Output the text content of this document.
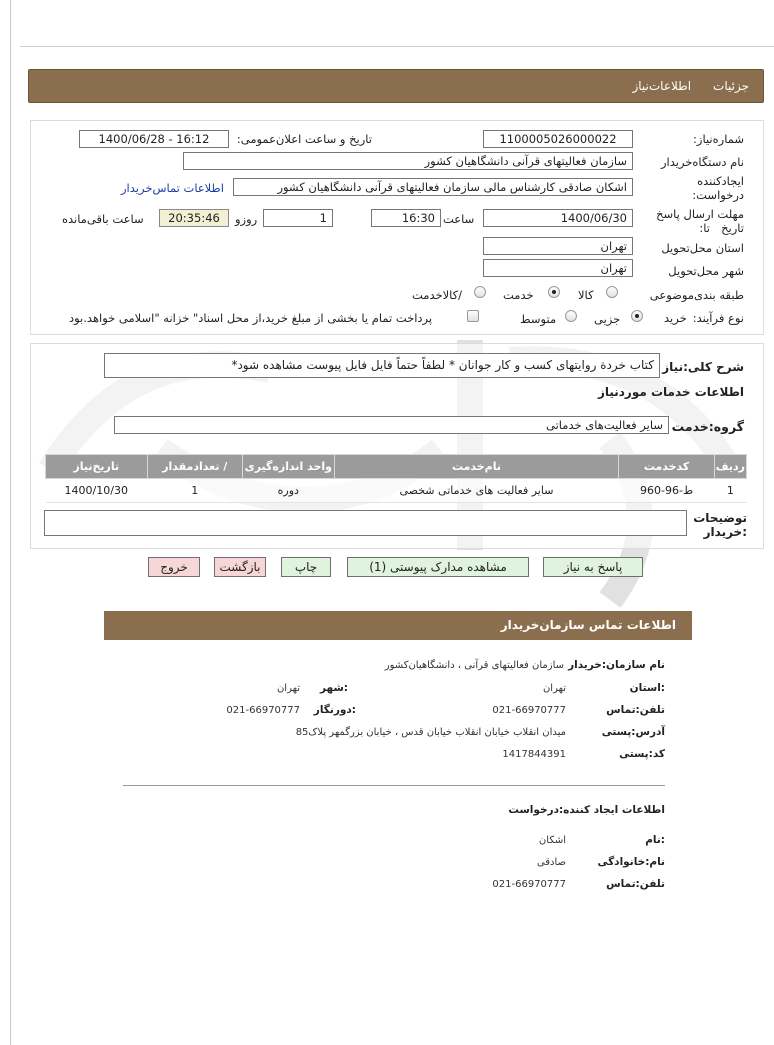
جزئیات
اطلاعات‌نیاز
شماره‌نیاز:
1100005026000022
تاریخ و ساعت اعلان‌عمومی:
1400/06/28 - 16:12
نام دستگاه‌خریدار
سازمان فعالیتهای قرآنی دانشگاهیان کشور
ایجادکننده
درخواست:
اشکان صادقی کارشناس مالی سازمان فعالیتهای قرآنی دانشگاهیان کشور
اطلاعات تماس‌خریدار
مهلت ارسال پاسخ
تاریخ
تا:
1400/06/30
ساعت
16:30
1
روزو
20:35:46
ساعت باقی‌مانده
استان محل‌تحویل
تهران
شهر محل‌تحویل
تهران
طبقه بندی‌موضوعی
کالا
خدمت
/کالاخدمت
نوع فرآیند:
خرید
جزیی
متوسط
پرداخت تمام یا بخشی از مبلغ خرید،از محل اسناد" خزانه "اسلامی خواهد.بود
شرح کلی:نیاز
کتاب خردة روایتهای کسب و کار جوانان * لطفاً حتماً فایل فایل پیوست مشاهده شود*
اطلاعات خدمات موردنیاز
گروه:خدمت
سایر فعالیت‌های خدماتی
ردیف	کدخدمت	نام‌خدمت	واحد اندازه‌گیری	/ تعدادمقدار	تاریخ‌نیاز
1	ط-96-960	سایر فعالیت های خدماتی شخصی	دوره	1	1400/10/30
توضیحات
:خریدار
پاسخ به نیاز
مشاهده مدارک پیوستی (1)
چاپ
بازگشت
خروج
اطلاعات تماس سازمان‌خریدار
نام سازمان:خریدار
سازمان فعالیتهای قرآنی ، دانشگاهیان‌کشور
:استان
تهران
:شهر
تهران
تلفن:تماس
021-66970777
:دورنگار
021-66970777
آدرس:پستی
میدان انقلاب خیابان انقلاب خیابان قدس ، خیابان بزرگمهر پلاک85
کد:پستی
1417844391
اطلاعات ایجاد کننده:درخواست
:نام
اشکان
نام:خانوادگی
صادقی
تلفن:تماس
021-66970777
